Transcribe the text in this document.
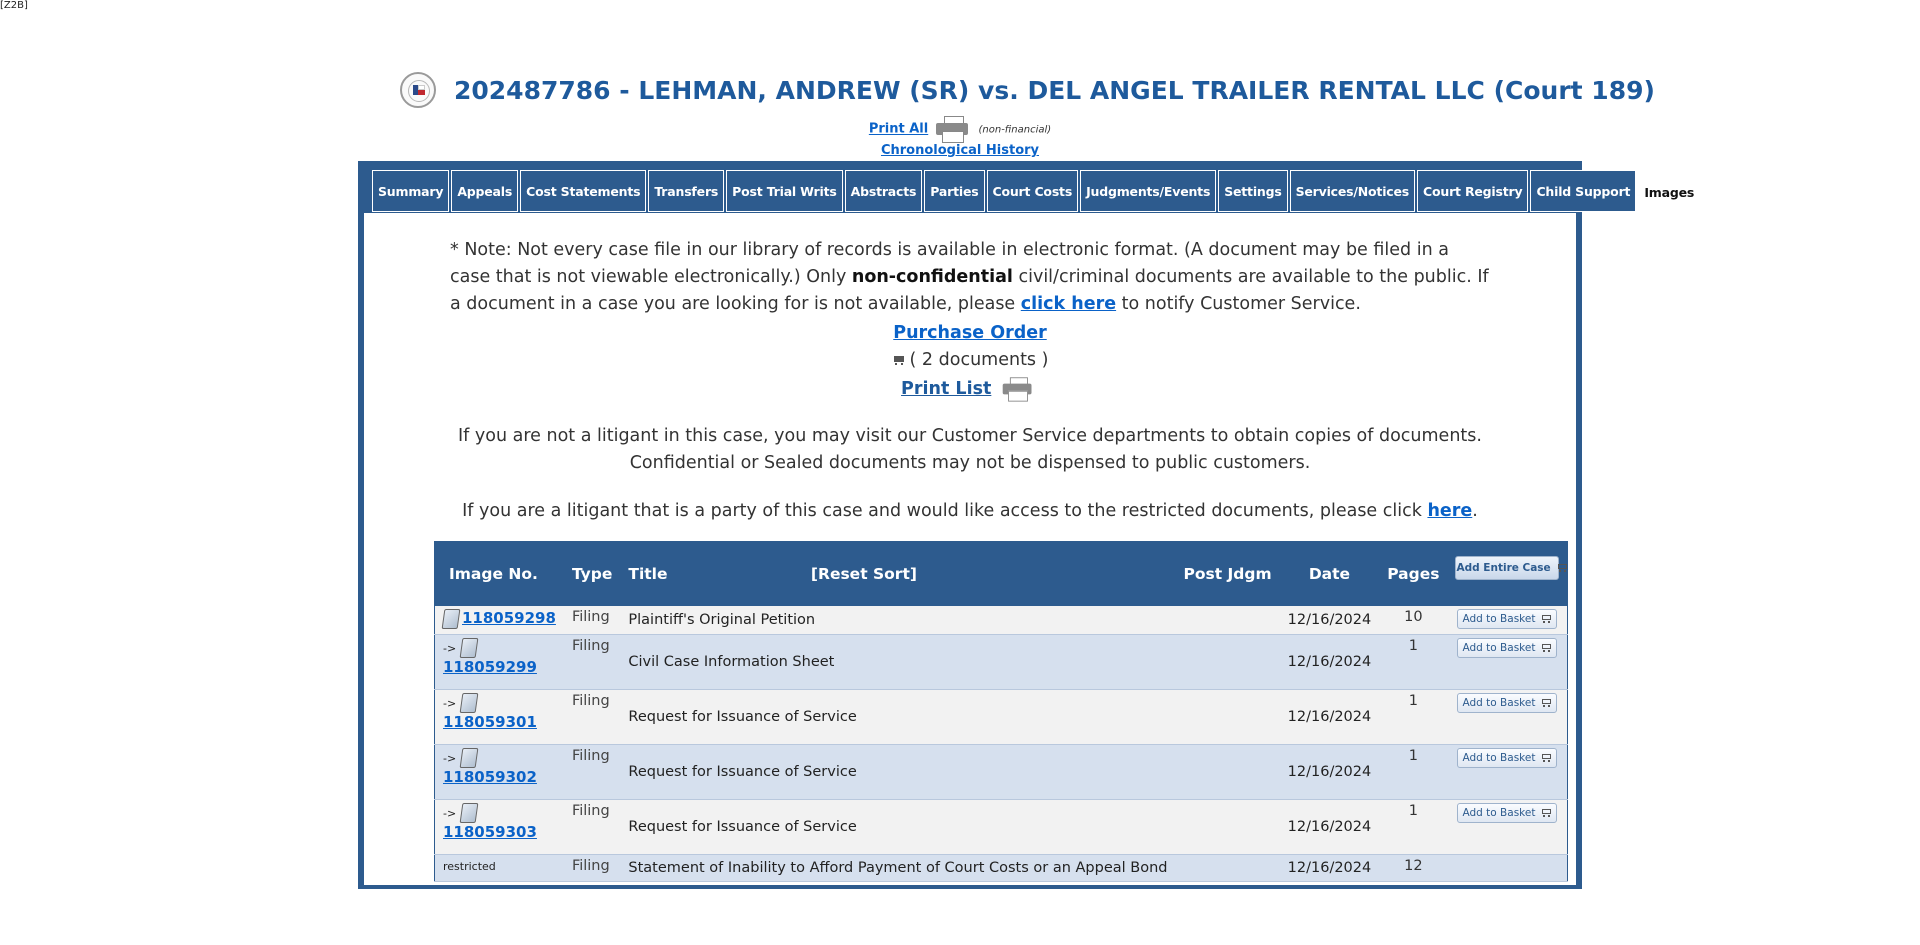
[Z2B]
202487786 - LEHMAN, ANDREW (SR) vs. DEL ANGEL TRAILER RENTAL LLC (Court 189)
Print All	(non-financial)
Chronological History
Summary	Appeals	Cost Statements	Transfers	Post Trial Writs	Abstracts	Parties	Court Costs	Judgments/Events	Settings	Services/Notices	Court Registry	Child Support	Images
* Note: Not every case file in our library of records is available in electronic format. (A document may be filed in a case that is not viewable electronically.) Only non-confidential civil/criminal documents are available to the public. If a document in a case you are looking for is not available, please click here to notify Customer Service.
Purchase Order
( 2 documents )
Print List
If you are not a litigant in this case, you may visit our Customer Service departments to obtain copies of documents. Confidential or Sealed documents may not be dispensed to public customers.
If you are a litigant that is a party of this case and would like access to the restricted documents, please click here.
Image No.	Type	Title [Reset Sort]	Post Jdgm	Date	Pages	Add Entire Case

118059298	Filing	Plaintiff's Original Petition		12/16/2024	10	Add to Basket

->
118059299	Filing	Civil Case Information Sheet		12/16/2024	1	Add to Basket

->
118059301	Filing	Request for Issuance of Service		12/16/2024	1	Add to Basket

->
118059302	Filing	Request for Issuance of Service		12/16/2024	1	Add to Basket

->
118059303	Filing	Request for Issuance of Service		12/16/2024	1	Add to Basket

restricted	Filing	Statement of Inability to Afford Payment of Court Costs or an Appeal Bond		12/16/2024	12	
